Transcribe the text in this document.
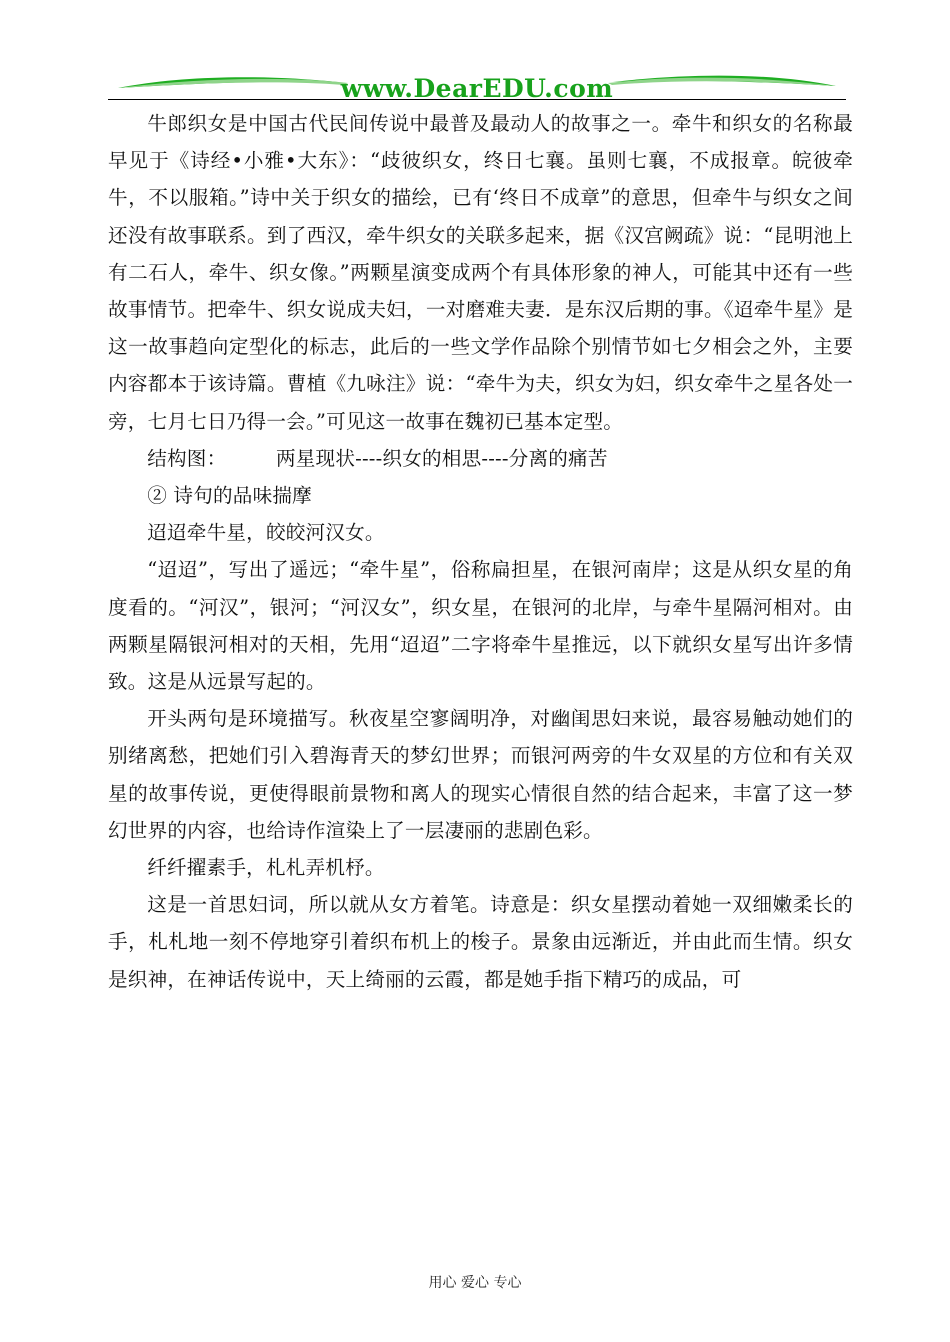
www.DearEDU.com

牛郎织女是中国古代民间传说中最普及最动人的故事之一。牵牛和织女的名称最早见于《诗经•小雅•大东》：“歧彼织女，终日七襄。虽则七襄，不成报章。皖彼牵牛，不以服箱。”诗中关于织女的描绘，已有‘终日不成章”的意思，但牵牛与织女之间还没有故事联系。到了西汉，牵牛织女的关联多起来，据《汉宫阙疏》说：“昆明池上有二石人，牵牛、织女像。”两颗星演变成两个有具体形象的神人，可能其中还有一些故事情节。把牵牛、织女说成夫妇，一对磨难夫妻．是东汉后期的事。《迢牵牛星》是这一故事趋向定型化的标志，此后的一些文学作品除个别情节如七夕相会之外，主要内容都本于该诗篇。曹植《九咏注》说：“牵牛为夫，织女为妇，织女牵牛之星各处一旁，七月七日乃得一会。”可见这一故事在魏初已基本定型。

结构图：　　　两星现状----织女的相思----分离的痛苦

② 诗句的品味揣摩

迢迢牵牛星，皎皎河汉女。

“迢迢”，写出了遥远；“牵牛星”，俗称扁担星，在银河南岸；这是从织女星的角度看的。“河汉”，银河；“河汉女”，织女星，在银河的北岸，与牵牛星隔河相对。由两颗星隔银河相对的天相，先用“迢迢”二字将牵牛星推远，以下就织女星写出许多情致。这是从远景写起的。

开头两句是环境描写。秋夜星空寥阔明净，对幽闺思妇来说，最容易触动她们的别绪离愁，把她们引入碧海青天的梦幻世界；而银河两旁的牛女双星的方位和有关双星的故事传说，更使得眼前景物和离人的现实心情很自然的结合起来，丰富了这一梦幻世界的内容，也给诗作渲染上了一层凄丽的悲剧色彩。

纤纤擢素手，札札弄机杼。

这是一首思妇词，所以就从女方着笔。诗意是：织女星摆动着她一双细嫩柔长的手，札札地一刻不停地穿引着织布机上的梭子。景象由远渐近，并由此而生情。织女是织神，在神话传说中，天上绮丽的云霞，都是她手指下精巧的成品，可

用心 爱心 专心
